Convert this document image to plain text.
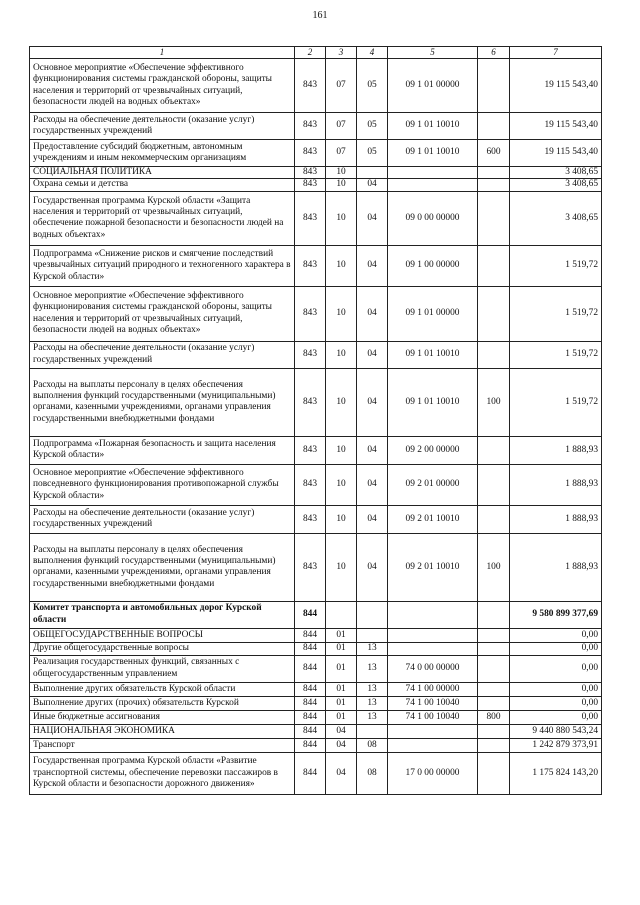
161
1	2	3	4	5	6	7
Основное мероприятие «Обеспечение эффективного функционирования системы гражданской обороны, защиты населения и территорий от чрезвычайных ситуаций, безопасности людей на водных объектах»	843	07	05	09 1 01 00000		19 115 543,40
Расходы на обеспечение деятельности (оказание услуг) государственных учреждений	843	07	05	09 1 01 10010		19 115 543,40
Предоставление субсидий бюджетным, автономным учреждениям и иным некоммерческим организациям	843	07	05	09 1 01 10010	600	19 115 543,40
СОЦИАЛЬНАЯ ПОЛИТИКА	843	10				3 408,65
Охрана семьи и детства	843	10	04			3 408,65
Государственная программа Курской области «Защита населения и территорий от чрезвычайных ситуаций, обеспечение пожарной безопасности и безопасности людей на водных объектах»	843	10	04	09 0 00 00000		3 408,65
Подпрограмма «Снижение рисков и смягчение последствий чрезвычайных ситуаций природного и техногенного характера в Курской области»	843	10	04	09 1 00 00000		1 519,72
Основное мероприятие «Обеспечение эффективного функционирования системы гражданской обороны, защиты населения и территорий от чрезвычайных ситуаций, безопасности людей на водных объектах»	843	10	04	09 1 01 00000		1 519,72
Расходы на обеспечение деятельности (оказание услуг) государственных учреждений	843	10	04	09 1 01 10010		1 519,72
Расходы на выплаты персоналу в целях обеспечения выполнения функций государственными (муниципальными) органами, казенными учреждениями, органами управления государственными внебюджетными фондами	843	10	04	09 1 01 10010	100	1 519,72
Подпрограмма «Пожарная безопасность и защита населения Курской области»	843	10	04	09 2 00 00000		1 888,93
Основное мероприятие «Обеспечение эффективного повседневного функционирования противопожарной службы Курской области»	843	10	04	09 2 01 00000		1 888,93
Расходы на обеспечение деятельности (оказание услуг) государственных учреждений	843	10	04	09 2 01 10010		1 888,93
Расходы на выплаты персоналу в целях обеспечения выполнения функций государственными (муниципальными) органами, казенными учреждениями, органами управления государственными внебюджетными фондами	843	10	04	09 2 01 10010	100	1 888,93
Комитет транспорта и автомобильных дорог Курской области	844					9 580 899 377,69
ОБЩЕГОСУДАРСТВЕННЫЕ ВОПРОСЫ	844	01				0,00
Другие общегосударственные вопросы	844	01	13			0,00
Реализация государственных функций, связанных с общегосударственным управлением	844	01	13	74 0 00 00000		0,00
Выполнение других обязательств Курской области	844	01	13	74 1 00 00000		0,00
Выполнение других (прочих) обязательств Курской	844	01	13	74 1 00 10040		0,00
Иные бюджетные ассигнования	844	01	13	74 1 00 10040	800	0,00
НАЦИОНАЛЬНАЯ ЭКОНОМИКА	844	04				9 440 880 543,24
Транспорт	844	04	08			1 242 879 373,91
Государственная программа Курской области «Развитие транспортной системы, обеспечение перевозки пассажиров в Курской области и безопасности дорожного движения»	844	04	08	17 0 00 00000		1 175 824 143,20
